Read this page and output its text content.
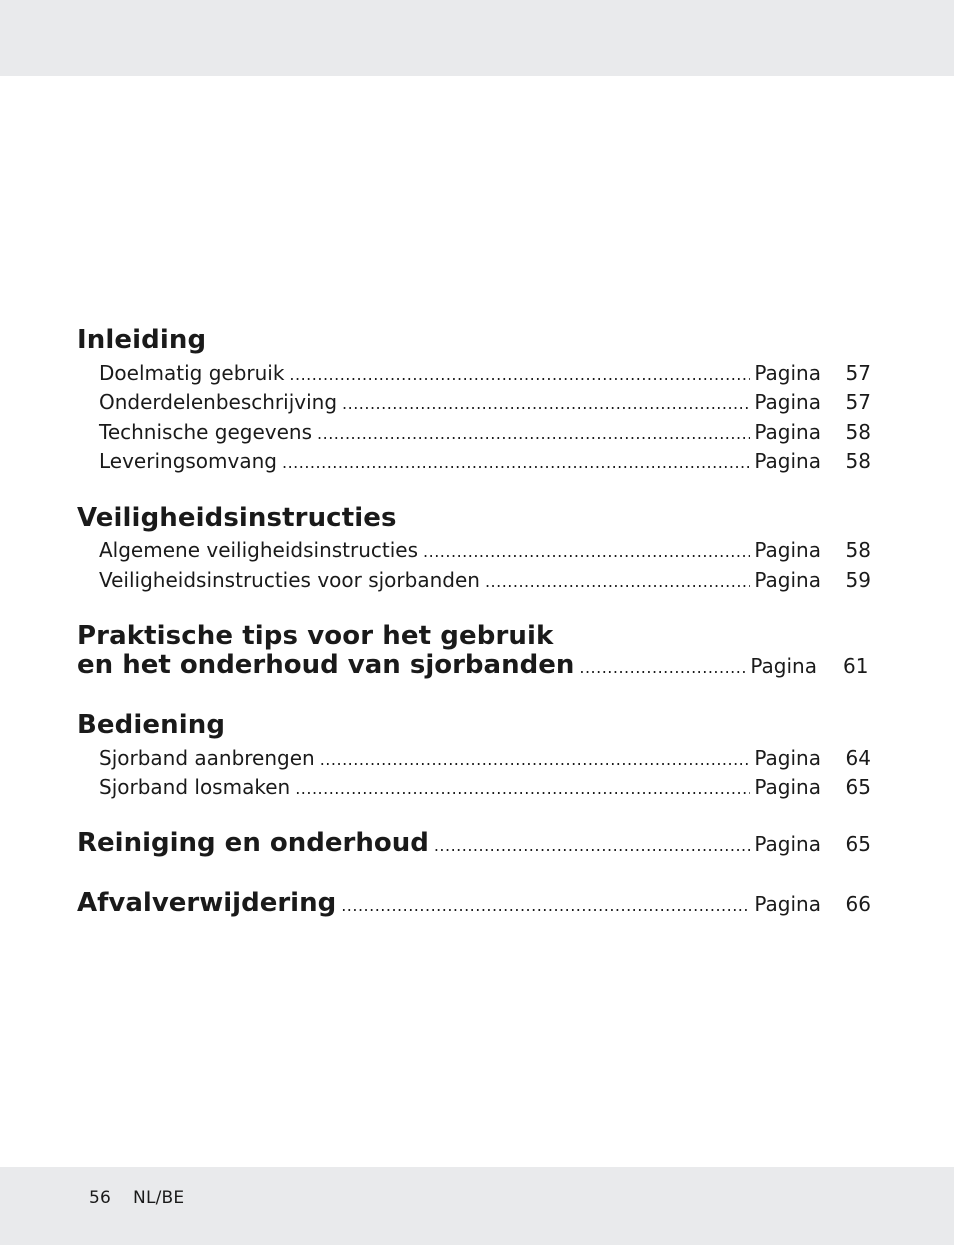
Inleiding
Doelmatig gebruik .....	Pagina 57
Onderdelenbeschrijving .....	Pagina 57
Technische gegevens .....	Pagina 58
Leveringsomvang .....	Pagina 58
Veiligheidsinstructies
Algemene veiligheidsinstructies .....	Pagina 58
Veiligheidsinstructies voor sjorbanden .....	Pagina 59
Praktische tips voor het gebruik
en het onderhoud van sjorbanden .....	Pagina 61
Bediening
Sjorband aanbrengen .....	Pagina 64
Sjorband losmaken .....	Pagina 65
Reiniging en onderhoud .....	Pagina 65
Afvalverwijdering .....	Pagina 66
56 NL/BE
